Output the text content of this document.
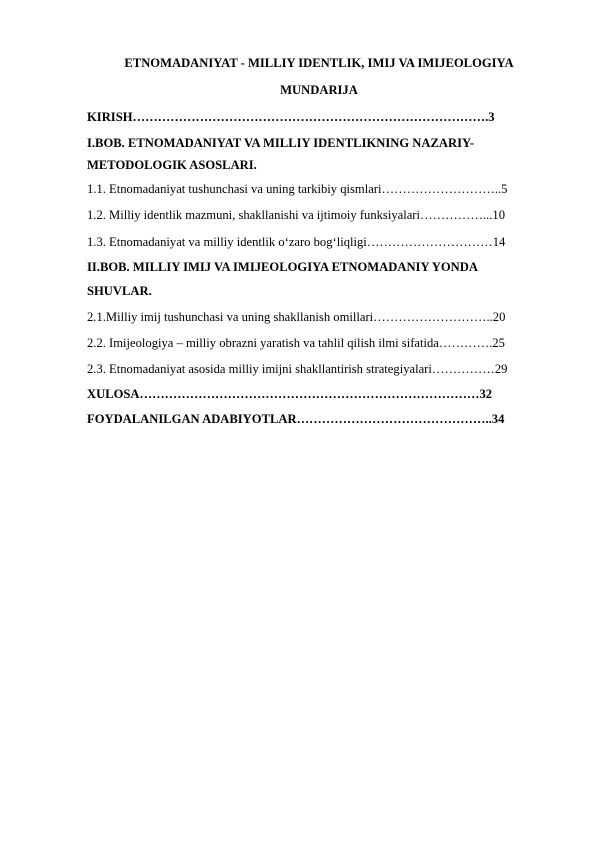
ETNOMADANIYAT - MILLIY IDENTLIK, IMIJ VA IMIJEOLOGIYA
MUNDARIJA
KIRISH………………………………………………………………………….3
I.BOB. ETNOMADANIYAT VA MILLIY IDENTLIKNING NAZARIY-
METODOLOGIK ASOSLARI.
1.1. Etnomadaniyat tushunchasi va uning tarkibiy qismlari………………………..5
1.2. Milliy identlik mazmuni, shakllanishi va ijtimoiy funksiyalari……………...10
1.3. Etnomadaniyat va milliy identlik o‘zaro bog‘liqligi…………………………14
II.BOB. MILLIY IMIJ VA IMIJEOLOGIYA ETNOMADANIY YONDA
SHUVLAR.
2.1.Milliy imij tushunchasi va uning shakllanish omillari………………………..20
2.2. Imijeologiya – milliy obrazni yaratish va tahlil qilish ilmi sifatida………….25
2.3. Etnomadaniyat asosida milliy imijni shakllantirish strategiyalari……………29
XULOSA………………………………………………………………………32
FOYDALANILGAN ADABIYOTLAR………………………………………..34
